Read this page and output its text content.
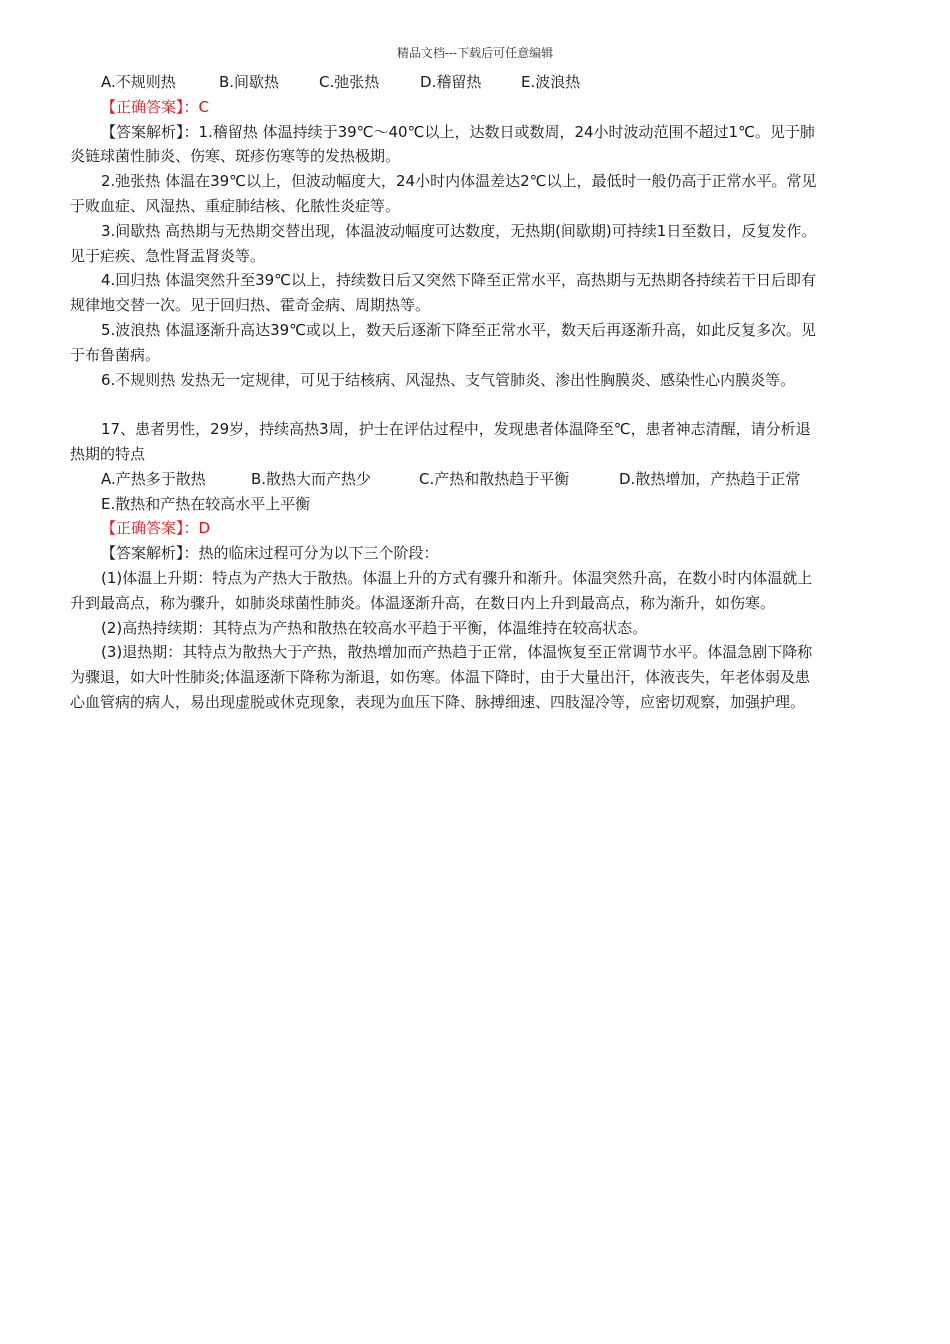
精品文档---下载后可任意编辑
A.不规则热	B.间歇热	C.弛张热	D.稽留热	E.波浪热
【正确答案】：C
【答案解析】：1.稽留热 体温持续于39℃～40℃以上，达数日或数周，24小时波动范围不超过1℃。见于肺
炎链球菌性肺炎、伤寒、斑疹伤寒等的发热极期。
2.弛张热 体温在39℃以上，但波动幅度大，24小时内体温差达2℃以上，最低时一般仍高于正常水平。常见
于败血症、风湿热、重症肺结核、化脓性炎症等。
3.间歇热 高热期与无热期交替出现，体温波动幅度可达数度，无热期(间歇期)可持续1日至数日，反复发作。
见于疟疾、急性肾盂肾炎等。
4.回归热 体温突然升至39℃以上，持续数日后又突然下降至正常水平，高热期与无热期各持续若干日后即有
规律地交替一次。见于回归热、霍奇金病、周期热等。
5.波浪热 体温逐渐升高达39℃或以上，数天后逐渐下降至正常水平，数天后再逐渐升高，如此反复多次。见
于布鲁菌病。
6.不规则热 发热无一定规律，可见于结核病、风湿热、支气管肺炎、渗出性胸膜炎、感染性心内膜炎等。
17、患者男性，29岁，持续高热3周，护士在评估过程中，发现患者体温降至℃，患者神志清醒，请分析退
热期的特点
A.产热多于散热	B.散热大而产热少	C.产热和散热趋于平衡	D.散热增加，产热趋于正常
E.散热和产热在较高水平上平衡
【正确答案】：D
【答案解析】：热的临床过程可分为以下三个阶段：
(1)体温上升期：特点为产热大于散热。体温上升的方式有骤升和渐升。体温突然升高，在数小时内体温就上
升到最高点，称为骤升，如肺炎球菌性肺炎。体温逐渐升高，在数日内上升到最高点，称为渐升，如伤寒。
(2)高热持续期：其特点为产热和散热在较高水平趋于平衡，体温维持在较高状态。
(3)退热期：其特点为散热大于产热，散热增加而产热趋于正常，体温恢复至正常调节水平。体温急剧下降称
为骤退，如大叶性肺炎;体温逐渐下降称为渐退，如伤寒。体温下降时，由于大量出汗，体液丧失，年老体弱及患
心血管病的病人，易出现虚脱或休克现象，表现为血压下降、脉搏细速、四肢湿冷等，应密切观察，加强护理。
